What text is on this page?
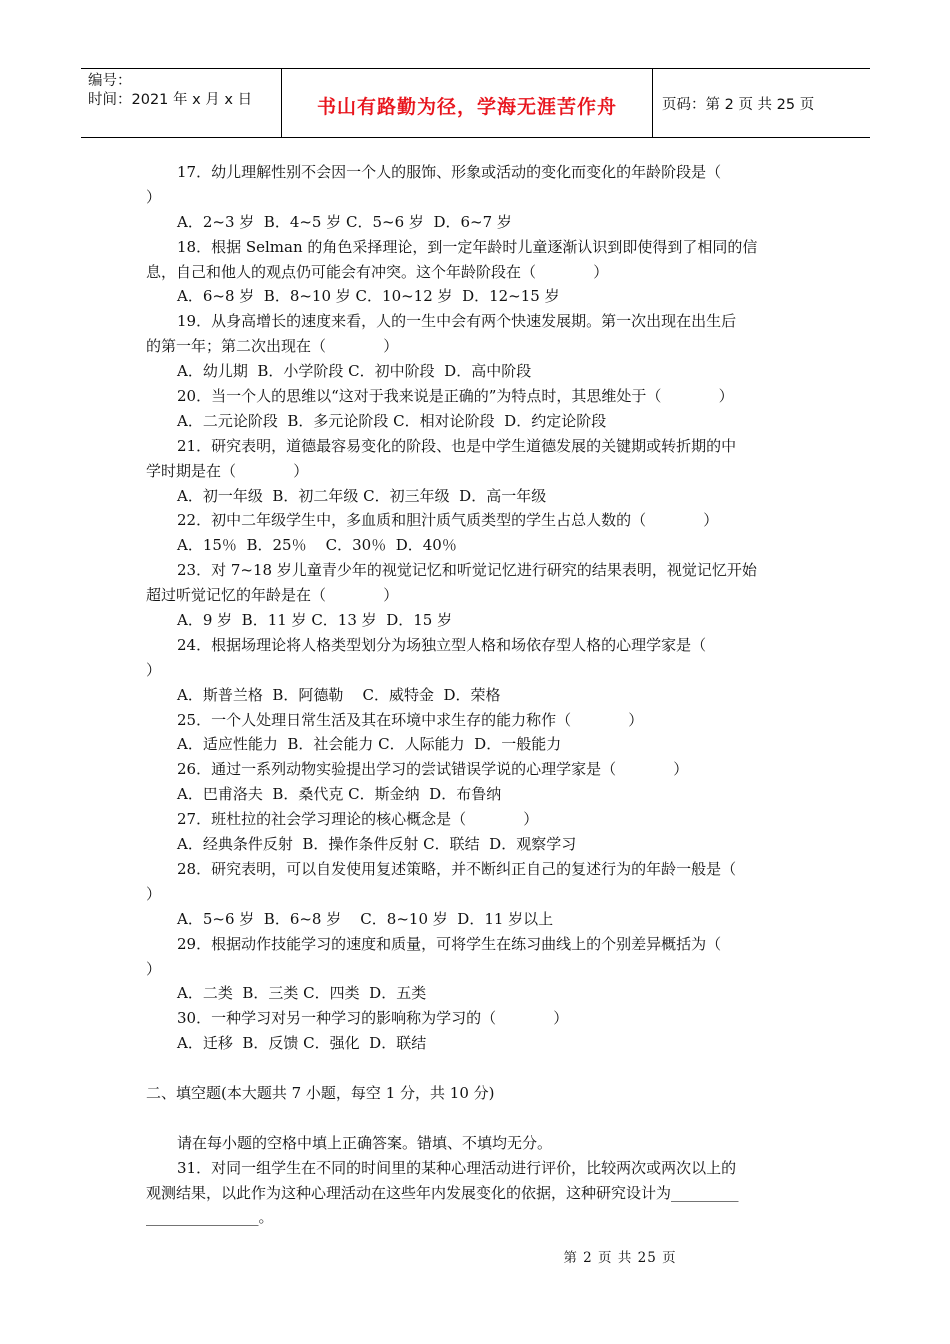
编号：
时间：2021 年 x 月 x 日	书山有路勤为径，学海无涯苦作舟	页码：第 2 页 共 25 页
17．幼儿理解性别不会因一个人的服饰、形象或活动的变化而变化的年龄阶段是（
）
A．2~3 岁  B．4~5 岁 C．5~6 岁  D．6~7 岁
18．根据 Selman 的角色采择理论，到一定年龄时儿童逐渐认识到即使得到了相同的信
息，自己和他人的观点仍可能会有冲突。这个年龄阶段在（            ）
A．6~8 岁  B．8~10 岁 C．10~12 岁  D．12~15 岁
19．从身高增长的速度来看，人的一生中会有两个快速发展期。第一次出现在出生后
的第一年；第二次出现在（            ）
A．幼儿期  B．小学阶段 C．初中阶段  D．高中阶段
20．当一个人的思维以“这对于我来说是正确的”为特点时，其思维处于（            ）
A．二元论阶段  B．多元论阶段 C．相对论阶段  D．约定论阶段
21．研究表明，道德最容易变化的阶段、也是中学生道德发展的关键期或转折期的中
学时期是在（            ）
A．初一年级  B．初二年级 C．初三年级  D．高一年级
22．初中二年级学生中，多血质和胆汁质气质类型的学生占总人数的（            ）
A．15％  B．25％    C．30％  D．40％
23．对 7~18 岁儿童青少年的视觉记忆和听觉记忆进行研究的结果表明，视觉记忆开始
超过听觉记忆的年龄是在（            ）
A．9 岁  B．11 岁 C．13 岁  D．15 岁
24．根据场理论将人格类型划分为场独立型人格和场依存型人格的心理学家是（
）
A．斯普兰格  B．阿德勒    C．威特金  D．荣格
25．一个人处理日常生活及其在环境中求生存的能力称作（            ）
A．适应性能力  B．社会能力 C．人际能力  D．一般能力
26．通过一系列动物实验提出学习的尝试错误学说的心理学家是（            ）
A．巴甫洛夫  B．桑代克 C．斯金纳  D．布鲁纳
27．班杜拉的社会学习理论的核心概念是（            ）
A．经典条件反射  B．操作条件反射 C．联结  D．观察学习
28．研究表明，可以自发使用复述策略，并不断纠正自己的复述行为的年龄一般是（
）
A．5~6 岁  B．6~8 岁    C．8~10 岁  D．11 岁以上
29．根据动作技能学习的速度和质量，可将学生在练习曲线上的个别差异概括为（
）
A．二类  B．三类 C．四类  D．五类
30．一种学习对另一种学习的影响称为学习的（            ）
A．迁移  B．反馈 C．强化  D．联结
二、填空题(本大题共 7 小题，每空 1 分，共 10 分)
请在每小题的空格中填上正确答案。错填、不填均无分。
31．对同一组学生在不同的时间里的某种心理活动进行评价，比较两次或两次以上的
观测结果，以此作为这种心理活动在这些年内发展变化的依据，这种研究设计为_________
_______________。
第 2 页 共 25 页
